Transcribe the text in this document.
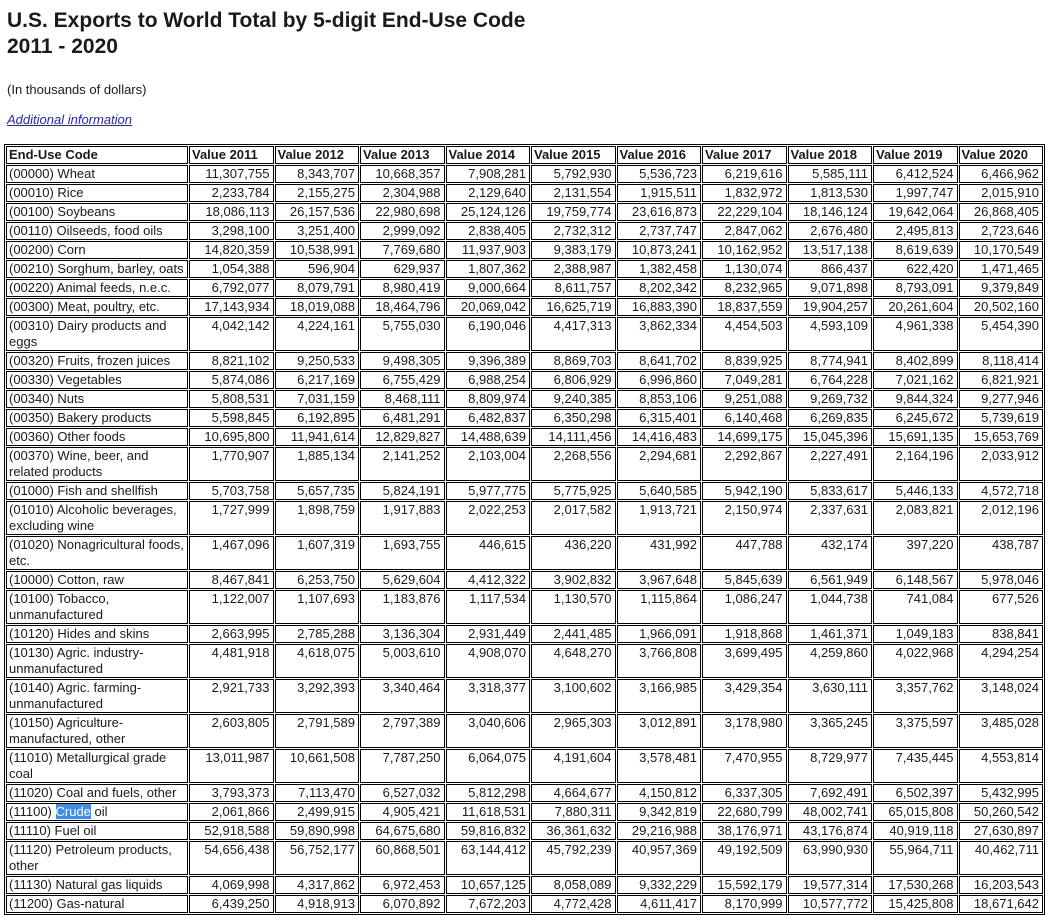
U.S. Exports to World Total by 5-digit End-Use Code
2011 - 2020

(In thousands of dollars)

Additional information

End-Use Code	Value 2011	Value 2012	Value 2013	Value 2014	Value 2015	Value 2016	Value 2017	Value 2018	Value 2019	Value 2020
(00000) Wheat	11,307,755	8,343,707	10,668,357	7,908,281	5,792,930	5,536,723	6,219,616	5,585,111	6,412,524	6,466,962
(00010) Rice	2,233,784	2,155,275	2,304,988	2,129,640	2,131,554	1,915,511	1,832,972	1,813,530	1,997,747	2,015,910
(00100) Soybeans	18,086,113	26,157,536	22,980,698	25,124,126	19,759,774	23,616,873	22,229,104	18,146,124	19,642,064	26,868,405
(00110) Oilseeds, food oils	3,298,100	3,251,400	2,999,092	2,838,405	2,732,312	2,737,747	2,847,062	2,676,480	2,495,813	2,723,646
(00200) Corn	14,820,359	10,538,991	7,769,680	11,937,903	9,383,179	10,873,241	10,162,952	13,517,138	8,619,639	10,170,549
(00210) Sorghum, barley, oats	1,054,388	596,904	629,937	1,807,362	2,388,987	1,382,458	1,130,074	866,437	622,420	1,471,465
(00220) Animal feeds, n.e.c.	6,792,077	8,079,791	8,980,419	9,000,664	8,611,757	8,202,342	8,232,965	9,071,898	8,793,091	9,379,849
(00300) Meat, poultry, etc.	17,143,934	18,019,088	18,464,796	20,069,042	16,625,719	16,883,390	18,837,559	19,904,257	20,261,604	20,502,160
(00310) Dairy products and eggs	4,042,142	4,224,161	5,755,030	6,190,046	4,417,313	3,862,334	4,454,503	4,593,109	4,961,338	5,454,390
(00320) Fruits, frozen juices	8,821,102	9,250,533	9,498,305	9,396,389	8,869,703	8,641,702	8,839,925	8,774,941	8,402,899	8,118,414
(00330) Vegetables	5,874,086	6,217,169	6,755,429	6,988,254	6,806,929	6,996,860	7,049,281	6,764,228	7,021,162	6,821,921
(00340) Nuts	5,808,531	7,031,159	8,468,111	8,809,974	9,240,385	8,853,106	9,251,088	9,269,732	9,844,324	9,277,946
(00350) Bakery products	5,598,845	6,192,895	6,481,291	6,482,837	6,350,298	6,315,401	6,140,468	6,269,835	6,245,672	5,739,619
(00360) Other foods	10,695,800	11,941,614	12,829,827	14,488,639	14,111,456	14,416,483	14,699,175	15,045,396	15,691,135	15,653,769
(00370) Wine, beer, and related products	1,770,907	1,885,134	2,141,252	2,103,004	2,268,556	2,294,681	2,292,867	2,227,491	2,164,196	2,033,912
(01000) Fish and shellfish	5,703,758	5,657,735	5,824,191	5,977,775	5,775,925	5,640,585	5,942,190	5,833,617	5,446,133	4,572,718
(01010) Alcoholic beverages, excluding wine	1,727,999	1,898,759	1,917,883	2,022,253	2,017,582	1,913,721	2,150,974	2,337,631	2,083,821	2,012,196
(01020) Nonagricultural foods, etc.	1,467,096	1,607,319	1,693,755	446,615	436,220	431,992	447,788	432,174	397,220	438,787
(10000) Cotton, raw	8,467,841	6,253,750	5,629,604	4,412,322	3,902,832	3,967,648	5,845,639	6,561,949	6,148,567	5,978,046
(10100) Tobacco, unmanufactured	1,122,007	1,107,693	1,183,876	1,117,534	1,130,570	1,115,864	1,086,247	1,044,738	741,084	677,526
(10120) Hides and skins	2,663,995	2,785,288	3,136,304	2,931,449	2,441,485	1,966,091	1,918,868	1,461,371	1,049,183	838,841
(10130) Agric. industry-unmanufactured	4,481,918	4,618,075	5,003,610	4,908,070	4,648,270	3,766,808	3,699,495	4,259,860	4,022,968	4,294,254
(10140) Agric. farming-unmanufactured	2,921,733	3,292,393	3,340,464	3,318,377	3,100,602	3,166,985	3,429,354	3,630,111	3,357,762	3,148,024
(10150) Agriculture-manufactured, other	2,603,805	2,791,589	2,797,389	3,040,606	2,965,303	3,012,891	3,178,980	3,365,245	3,375,597	3,485,028
(11010) Metallurgical grade coal	13,011,987	10,661,508	7,787,250	6,064,075	4,191,604	3,578,481	7,470,955	8,729,977	7,435,445	4,553,814
(11020) Coal and fuels, other	3,793,373	7,113,470	6,527,032	5,812,298	4,664,677	4,150,812	6,337,305	7,692,491	6,502,397	5,432,995
(11100) Crude oil	2,061,866	2,499,915	4,905,421	11,618,531	7,880,311	9,342,819	22,680,799	48,002,741	65,015,808	50,260,542
(11110) Fuel oil	52,918,588	59,890,998	64,675,680	59,816,832	36,361,632	29,216,988	38,176,971	43,176,874	40,919,118	27,630,897
(11120) Petroleum products, other	54,656,438	56,752,177	60,868,501	63,144,412	45,792,239	40,957,369	49,192,509	63,990,930	55,964,711	40,462,711
(11130) Natural gas liquids	4,069,998	4,317,862	6,972,453	10,657,125	8,058,089	9,332,229	15,592,179	19,577,314	17,530,268	16,203,543
(11200) Gas-natural	6,439,250	4,918,913	6,070,892	7,672,203	4,772,428	4,611,417	8,170,999	10,577,772	15,425,808	18,671,642
